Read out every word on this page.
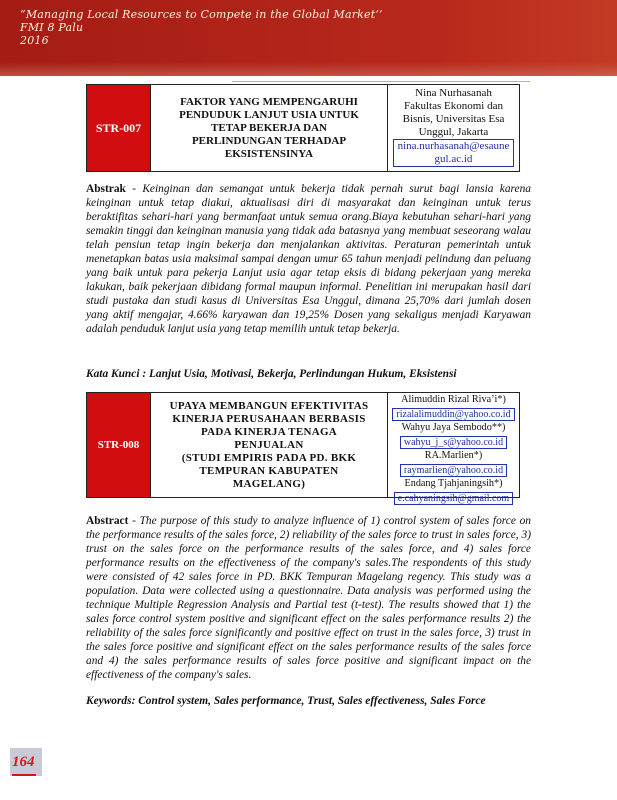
“Managing Local Resources to Compete in the Global Market’’
FMI 8 Palu
2016
STR-007
FAKTOR YANG MEMPENGARUHI
PENDUDUK LANJUT USIA UNTUK
TETAP BEKERJA DAN
PERLINDUNGAN TERHADAP
EKSISTENSINYA
Nina Nurhasanah
Fakultas Ekonomi dan
Bisnis, Universitas Esa
Unggul, Jakarta
nina.nurhasanah@esaune
gul.ac.id
Abstrak - Keinginan dan semangat untuk bekerja tidak pernah surut bagi lansia karena keinginan untuk tetap diakui, aktualisasi diri di masyarakat dan keinginan untuk terus beraktifitas sehari-hari yang bermanfaat untuk semua orang.Biaya kebutuhan sehari-hari yang semakin tinggi dan keinginan manusia yang tidak ada batasnya yang membuat seseorang walau telah pensiun tetap ingin bekerja dan menjalankan aktivitas. Peraturan pemerintah untuk menetapkan batas usia maksimal sampai dengan umur 65 tahun menjadi pelindung dan peluang yang baik untuk para pekerja Lanjut usia agar tetap eksis di bidang pekerjaan yang mereka lakukan, baik pekerjaan dibidang formal maupun informal. Penelitian ini merupakan hasil dari studi pustaka dan studi kasus di Universitas Esa Unggul, dimana 25,70% dari jumlah dosen yang aktif mengajar, 4.66% karyawan dan 19,25% Dosen yang sekaligus menjadi Karyawan adalah penduduk lanjut usia yang tetap memilih untuk tetap bekerja.
Kata Kunci : Lanjut Usia, Motivasi, Bekerja, Perlindungan Hukum, Eksistensi
STR-008
UPAYA MEMBANGUN EFEKTIVITAS
KINERJA PERUSAHAAN BERBASIS
PADA KINERJA TENAGA
PENJUALAN
(STUDI EMPIRIS PADA PD. BKK
TEMPURAN KABUPATEN
MAGELANG)
Alimuddin Rizal Riva’i*)
rizalalimuddin@yahoo.co.id
Wahyu Jaya Sembodo**)
wahyu_j_s@yahoo.co.id
RA.Marlien*)
raymarlien@yahoo.co.id
Endang Tjahjaningsih*)
e.cahyaningsih@gmail.com
Abstract - The purpose of this study to analyze influence of 1) control system of sales force on the performance results of the sales force, 2) reliability of the sales force to trust in sales force, 3) trust on the sales force on the performance results of the sales force, and 4) sales force performance results on the effectiveness of the company's sales.The respondents of this study were consisted of 42 sales force in PD. BKK Tempuran Magelang regency. This study was a population. Data were collected using a questionnaire. Data analysis was performed using the technique Multiple Regression Analysis and Partial test (t-test). The results showed that 1) the sales force control system positive and significant effect on the sales performance results 2) the reliability of the sales force significantly and positive effect on trust in the sales force, 3) trust in the sales force positive and significant effect on the sales performance results of the sales force and 4) the sales performance results of sales force positive and significant impact on the effectiveness of the company's sales.
Keywords: Control system, Sales performance, Trust, Sales effectiveness, Sales Force
164
